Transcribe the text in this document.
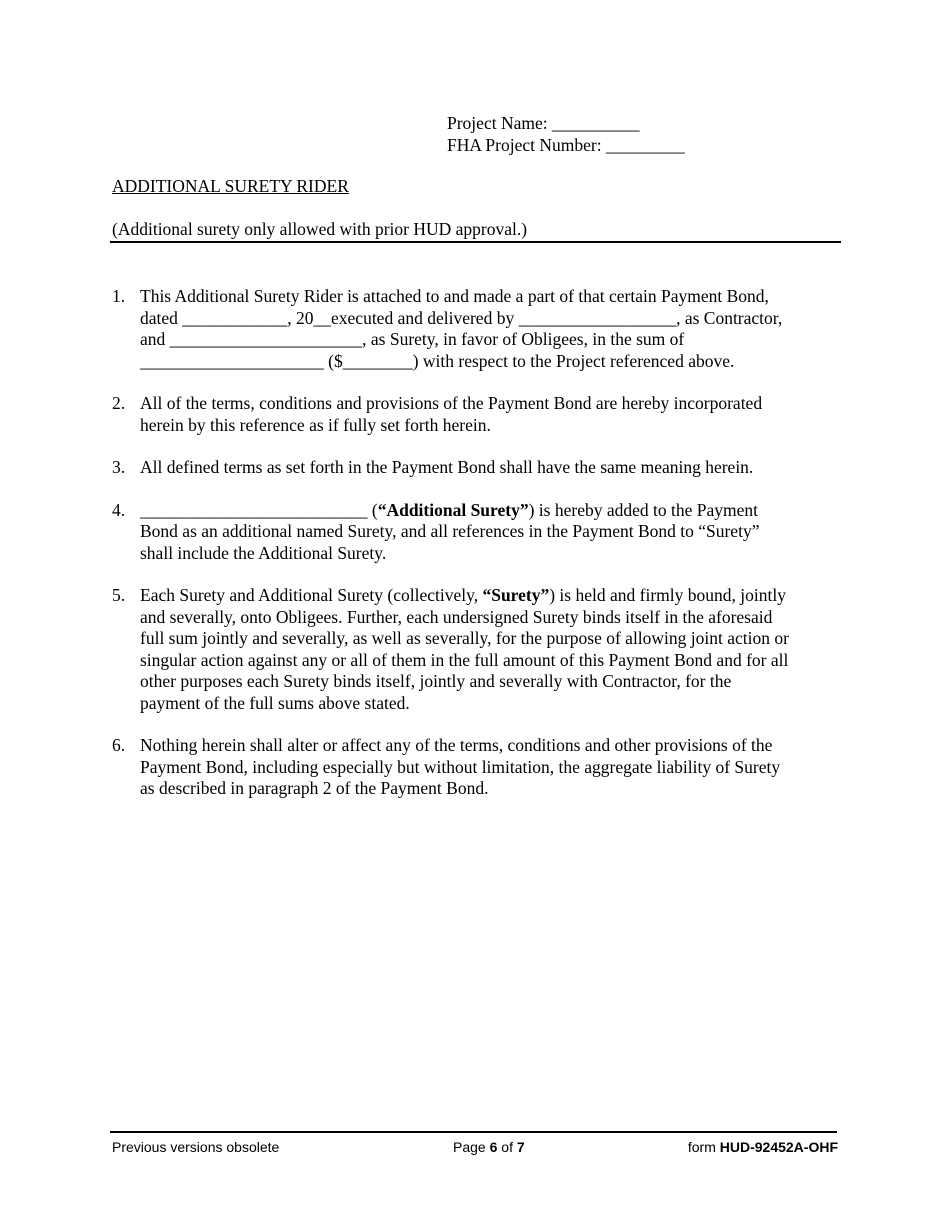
Project Name: __________
FHA Project Number: _________
ADDITIONAL SURETY RIDER
(Additional surety only allowed with prior HUD approval.)
1. This Additional Surety Rider is attached to and made a part of that certain Payment Bond,
dated ____________, 20__executed and delivered by __________________, as Contractor,
and ______________________, as Surety, in favor of Obligees, in the sum of
_____________________ ($________) with respect to the Project referenced above.
2. All of the terms, conditions and provisions of the Payment Bond are hereby incorporated
herein by this reference as if fully set forth herein.
3. All defined terms as set forth in the Payment Bond shall have the same meaning herein.
4. __________________________ (“Additional Surety”) is hereby added to the Payment
Bond as an additional named Surety, and all references in the Payment Bond to “Surety”
shall include the Additional Surety.
5. Each Surety and Additional Surety (collectively, “Surety”) is held and firmly bound, jointly
and severally, onto Obligees. Further, each undersigned Surety binds itself in the aforesaid
full sum jointly and severally, as well as severally, for the purpose of allowing joint action or
singular action against any or all of them in the full amount of this Payment Bond and for all
other purposes each Surety binds itself, jointly and severally with Contractor, for the
payment of the full sums above stated.
6. Nothing herein shall alter or affect any of the terms, conditions and other provisions of the
Payment Bond, including especially but without limitation, the aggregate liability of Surety
as described in paragraph 2 of the Payment Bond.
Previous versions obsolete	Page 6 of 7	form HUD-92452A-OHF
